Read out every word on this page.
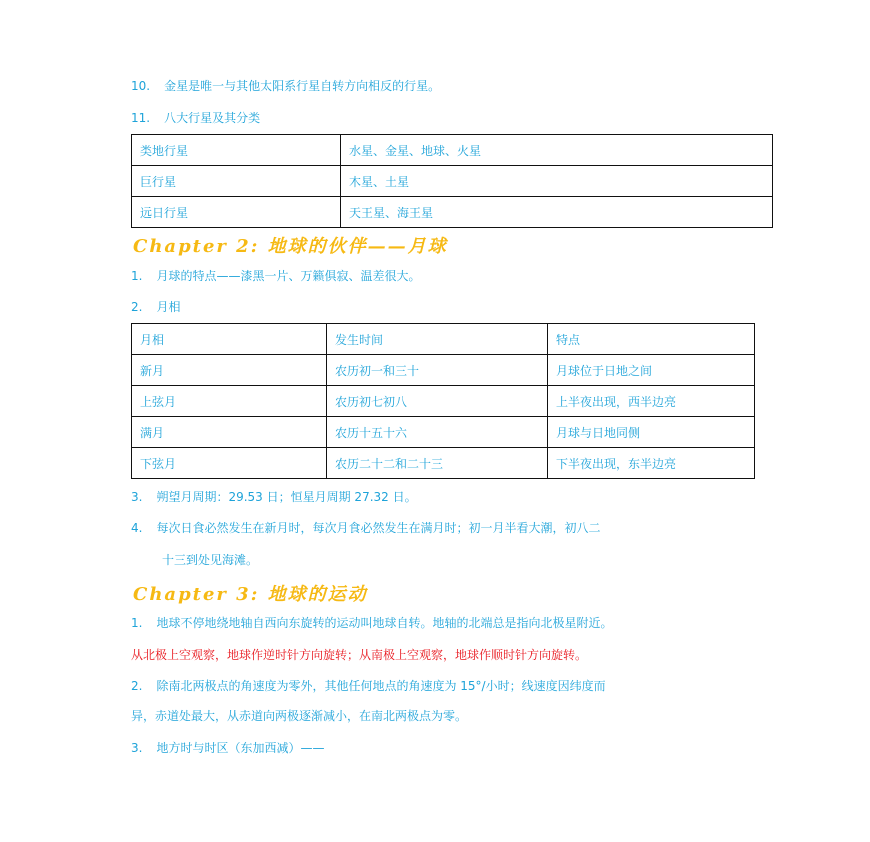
10. 金星是唯一与其他太阳系行星自转方向相反的行星。
11. 八大行星及其分类
类地行星	水星、金星、地球、火星
巨行星	木星、土星
远日行星	天王星、海王星
Chapter 2: 地球的伙伴——月球
1. 月球的特点——漆黑一片、万籁俱寂、温差很大。
2. 月相
月相	发生时间	特点
新月	农历初一和三十	月球位于日地之间
上弦月	农历初七初八	上半夜出现，西半边亮
满月	农历十五十六	月球与日地同侧
下弦月	农历二十二和二十三	下半夜出现，东半边亮
3. 朔望月周期：29.53 日；恒星月周期 27.32 日。
4. 每次日食必然发生在新月时，每次月食必然发生在满月时；初一月半看大潮，初八二
十三到处见海滩。
Chapter 3: 地球的运动
1. 地球不停地绕地轴自西向东旋转的运动叫地球自转。地轴的北端总是指向北极星附近。
从北极上空观察，地球作逆时针方向旋转；从南极上空观察，地球作顺时针方向旋转。
2. 除南北两极点的角速度为零外，其他任何地点的角速度为 15°/小时；线速度因纬度而
异，赤道处最大，从赤道向两极逐渐减小，在南北两极点为零。
3. 地方时与时区（东加西减）——
